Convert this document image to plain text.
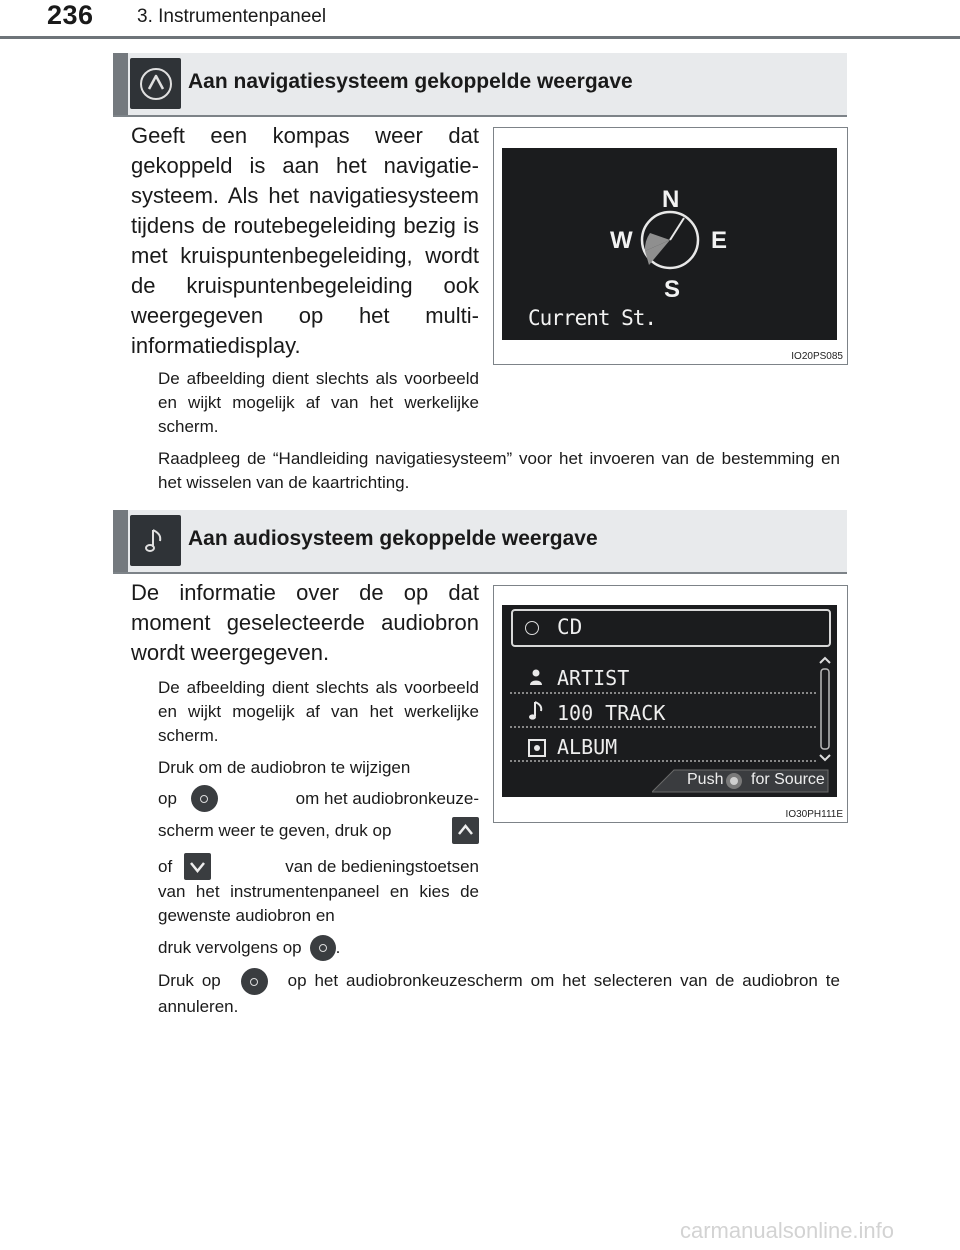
236 3. Instrumentenpaneel
Aan navigatiesysteem gekoppelde weergave
Geeft een kompas weer dat gekoppeld is aan het navigatiesysteem. Als het navigatiesysteem tijdens de routebegeleiding bezig is met kruispuntenbegeleiding, wordt de kruispuntenbegeleiding ook weergegeven op het multi-informatiedisplay.
De afbeelding dient slechts als voorbeeld en wijkt mogelijk af van het werkelijke scherm.
N
E
S
W
Current St.
IO20PS085
Raadpleeg de “Handleiding navigatiesysteem” voor het invoeren van de bestemming en het wisselen van de kaartrichting.
Aan audiosysteem gekoppelde weergave
De informatie over de op dat moment geselecteerde audiobron wordt weergegeven.
De afbeelding dient slechts als voorbeeld en wijkt mogelijk af van het werkelijke scherm.
Druk om de audiobron te wijzigen
op	om het audiobronkeuze-
scherm weer te geven, druk op
of	van de bedieningstoetsen
van het instrumentenpaneel en kies de gewenste audiobron en
druk vervolgens op .
Druk op	op het audiobronkeuzescherm om het selecteren van de audiobron te annuleren.
CD
ARTIST
100 TRACK
ALBUM
Push for Source
IO30PH111E
carmanualsonline.info
